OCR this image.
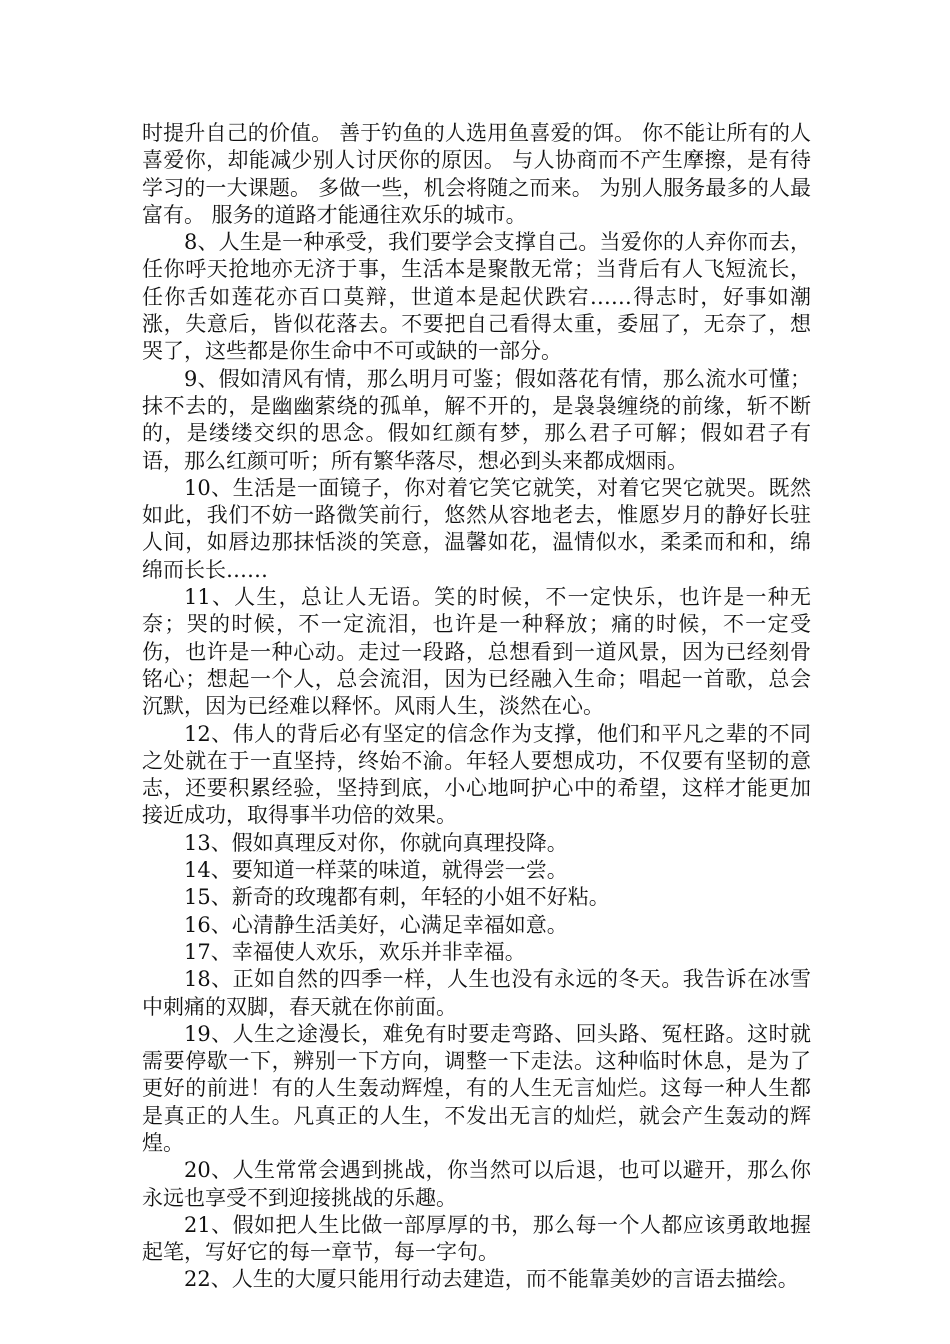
时提升自己的价值。 善于钓鱼的人选用鱼喜爱的饵。 你不能让所有的人喜爱你，却能减少别人讨厌你的原因。 与人协商而不产生摩擦，是有待学习的一大课题。 多做一些，机会将随之而来。 为别人服务最多的人最富有。 服务的道路才能通往欢乐的城市。

8、人生是一种承受，我们要学会支撑自己。当爱你的人弃你而去，任你呼天抢地亦无济于事，生活本是聚散无常；当背后有人飞短流长，任你舌如莲花亦百口莫辩，世道本是起伏跌宕……得志时，好事如潮涨，失意后，皆似花落去。不要把自己看得太重，委屈了，无奈了，想哭了，这些都是你生命中不可或缺的一部分。

9、假如清风有情，那么明月可鉴；假如落花有情，那么流水可懂；抹不去的，是幽幽萦绕的孤单，解不开的，是袅袅缠绕的前缘，斩不断的，是缕缕交织的思念。假如红颜有梦，那么君子可解；假如君子有语，那么红颜可听；所有繁华落尽，想必到头来都成烟雨。

10、生活是一面镜子，你对着它笑它就笑，对着它哭它就哭。既然如此，我们不妨一路微笑前行，悠然从容地老去，惟愿岁月的静好长驻人间，如唇边那抹恬淡的笑意，温馨如花，温情似水，柔柔而和和，绵绵而长长……

11、人生，总让人无语。笑的时候，不一定快乐，也许是一种无奈；哭的时候，不一定流泪，也许是一种释放；痛的时候，不一定受伤，也许是一种心动。走过一段路，总想看到一道风景，因为已经刻骨铭心；想起一个人，总会流泪，因为已经融入生命；唱起一首歌，总会沉默，因为已经难以释怀。风雨人生，淡然在心。

12、伟人的背后必有坚定的信念作为支撑，他们和平凡之辈的不同之处就在于一直坚持，终始不渝。年轻人要想成功，不仅要有坚韧的意志，还要积累经验，坚持到底，小心地呵护心中的希望，这样才能更加接近成功，取得事半功倍的效果。

13、假如真理反对你，你就向真理投降。

14、要知道一样菜的味道，就得尝一尝。

15、新奇的玫瑰都有刺，年轻的小姐不好粘。

16、心清静生活美好，心满足幸福如意。

17、幸福使人欢乐，欢乐并非幸福。

18、正如自然的四季一样，人生也没有永远的冬天。我告诉在冰雪中刺痛的双脚，春天就在你前面。

19、人生之途漫长，难免有时要走弯路、回头路、冤枉路。这时就需要停歇一下，辨别一下方向，调整一下走法。这种临时休息，是为了更好的前进！有的人生轰动辉煌，有的人生无言灿烂。这每一种人生都是真正的人生。凡真正的人生，不发出无言的灿烂，就会产生轰动的辉煌。

20、人生常常会遇到挑战，你当然可以后退，也可以避开，那么你永远也享受不到迎接挑战的乐趣。

21、假如把人生比做一部厚厚的书，那么每一个人都应该勇敢地握起笔，写好它的每一章节，每一字句。

22、人生的大厦只能用行动去建造，而不能靠美妙的言语去描绘。
